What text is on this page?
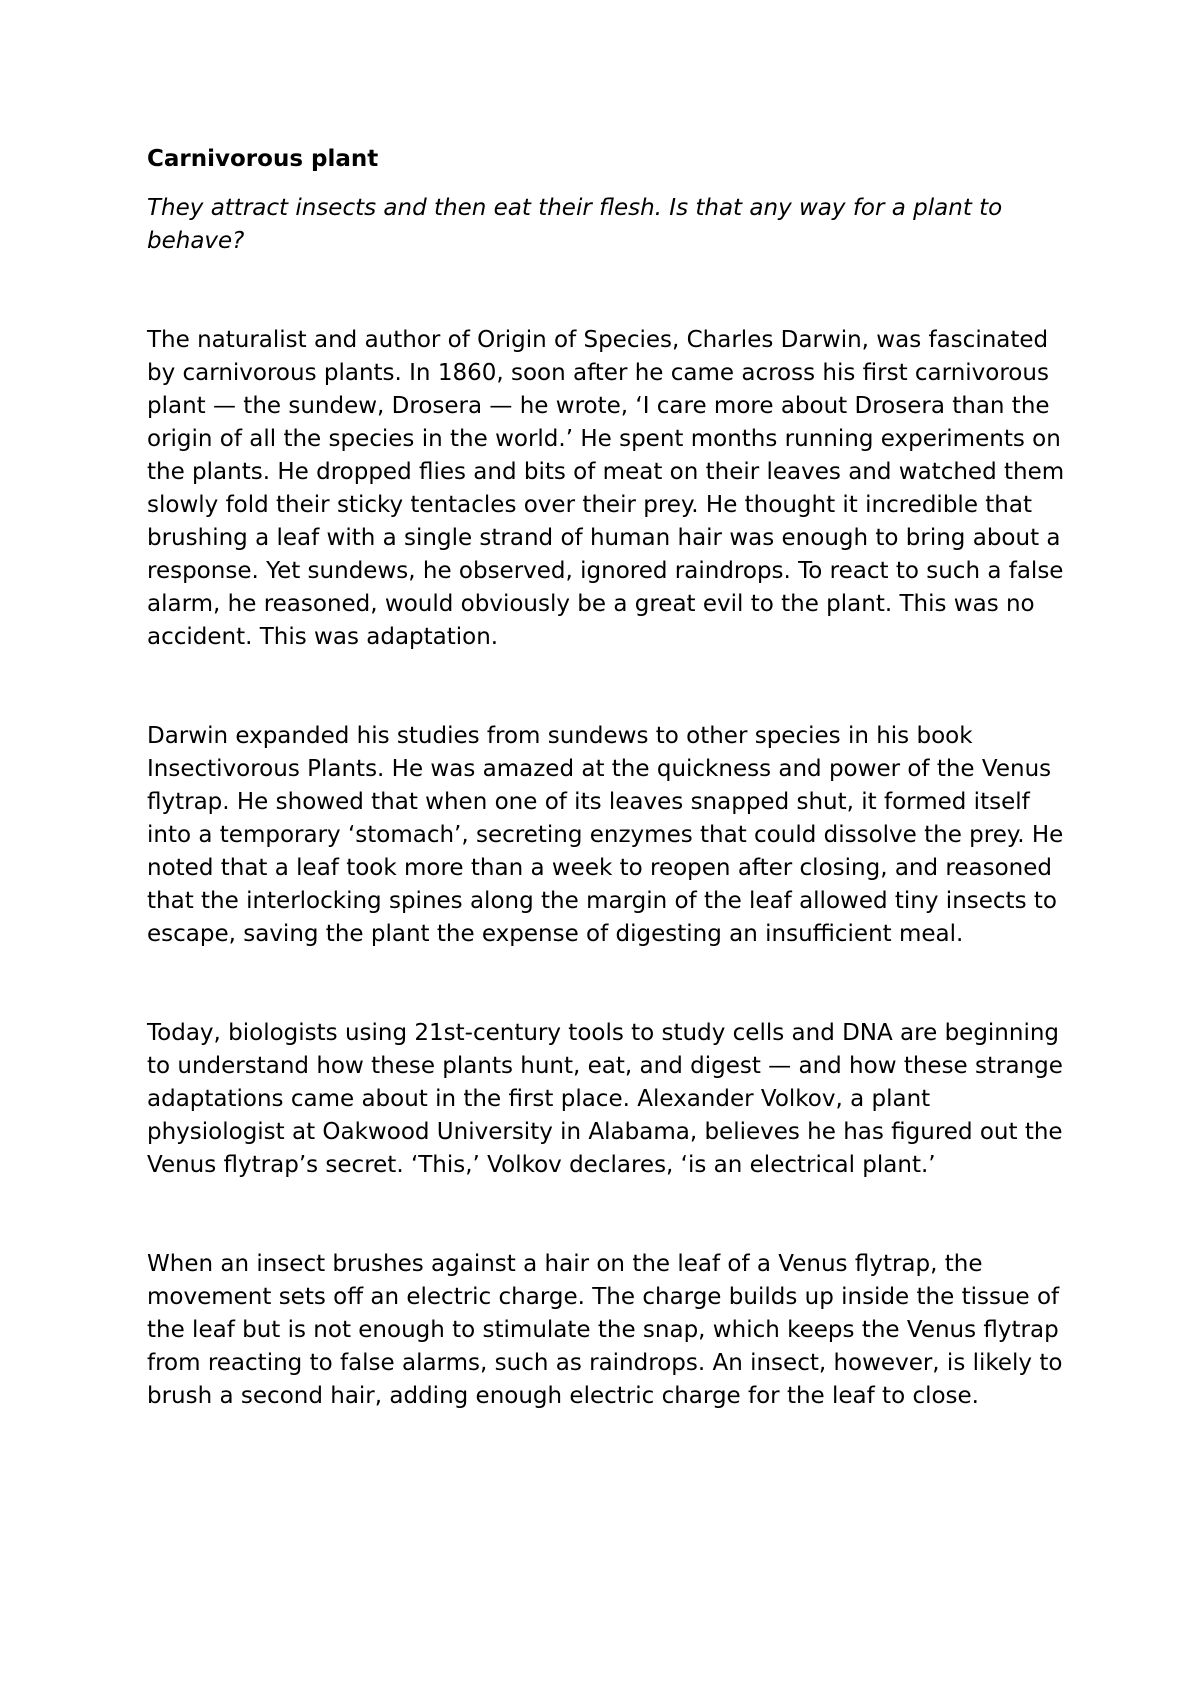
Carnivorous plant
They attract insects and then eat their flesh. Is that any way for a plant to behave?

The naturalist and author of Origin of Species, Charles Darwin, was fascinated by carnivorous plants. In 1860, soon after he came across his first carnivorous plant — the sundew, Drosera — he wrote, ‘I care more about Drosera than the origin of all the species in the world.’ He spent months running experiments on the plants. He dropped flies and bits of meat on their leaves and watched them slowly fold their sticky tentacles over their prey. He thought it incredible that brushing a leaf with a single strand of human hair was enough to bring about a response. Yet sundews, he observed, ignored raindrops. To react to such a false alarm, he reasoned, would obviously be a great evil to the plant. This was no accident. This was adaptation.

Darwin expanded his studies from sundews to other species in his book Insectivorous Plants. He was amazed at the quickness and power of the Venus flytrap. He showed that when one of its leaves snapped shut, it formed itself into a temporary ‘stomach’, secreting enzymes that could dissolve the prey. He noted that a leaf took more than a week to reopen after closing, and reasoned that the interlocking spines along the margin of the leaf allowed tiny insects to escape, saving the plant the expense of digesting an insufficient meal.

Today, biologists using 21st-century tools to study cells and DNA are beginning to understand how these plants hunt, eat, and digest — and how these strange adaptations came about in the first place. Alexander Volkov, a plant physiologist at Oakwood University in Alabama, believes he has figured out the Venus flytrap’s secret. ‘This,’ Volkov declares, ‘is an electrical plant.’

When an insect brushes against a hair on the leaf of a Venus flytrap, the movement sets off an electric charge. The charge builds up inside the tissue of the leaf but is not enough to stimulate the snap, which keeps the Venus flytrap from reacting to false alarms, such as raindrops. An insect, however, is likely to brush a second hair, adding enough electric charge for the leaf to close.
